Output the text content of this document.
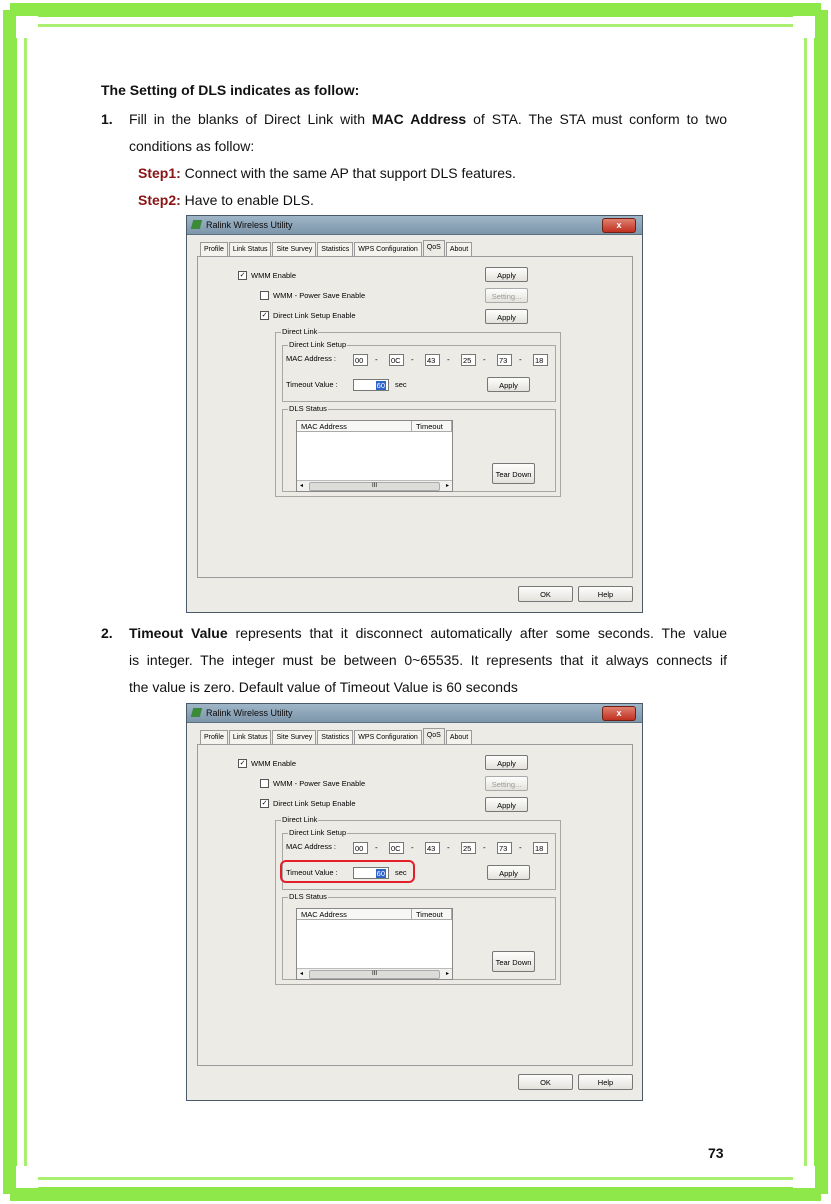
The Setting of DLS indicates as follow:
1. Fill in the blanks of Direct Link with MAC Address of STA. The STA must conform to two
conditions as follow:
Step1: Connect with the same AP that support DLS features.
Step2: Have to enable DLS.
2. Timeout Value represents that it disconnect automatically after some seconds. The value
is integer. The integer must be between 0~65535. It represents that it always connects if
the value is zero. Default value of Timeout Value is 60 seconds
73
Ralink Wireless Utility	x
Profile	Link Status	Site Survey	Statistics	WPS Configuration	QoS	About
✓ WMM Enable	Apply
WMM - Power Save Enable	Setting...
✓ Direct Link Setup Enable	Apply
Direct Link
Direct Link Setup
MAC Address :	00	- 0C	- 43	- 25	- 73	- 18
Timeout Value :	60	sec	Apply
DLS Status
MAC Address	Timeout
◂	III	▸
Tear Down
OK	Help
Ralink Wireless Utility	x
Profile	Link Status	Site Survey	Statistics	WPS Configuration	QoS	About
✓ WMM Enable	Apply
WMM - Power Save Enable	Setting...
✓ Direct Link Setup Enable	Apply
Direct Link
Direct Link Setup
MAC Address :	00	- 0C	- 43	- 25	- 73	- 18
Timeout Value :	60	sec	Apply
DLS Status
MAC Address	Timeout
◂	III	▸
Tear Down
OK	Help
